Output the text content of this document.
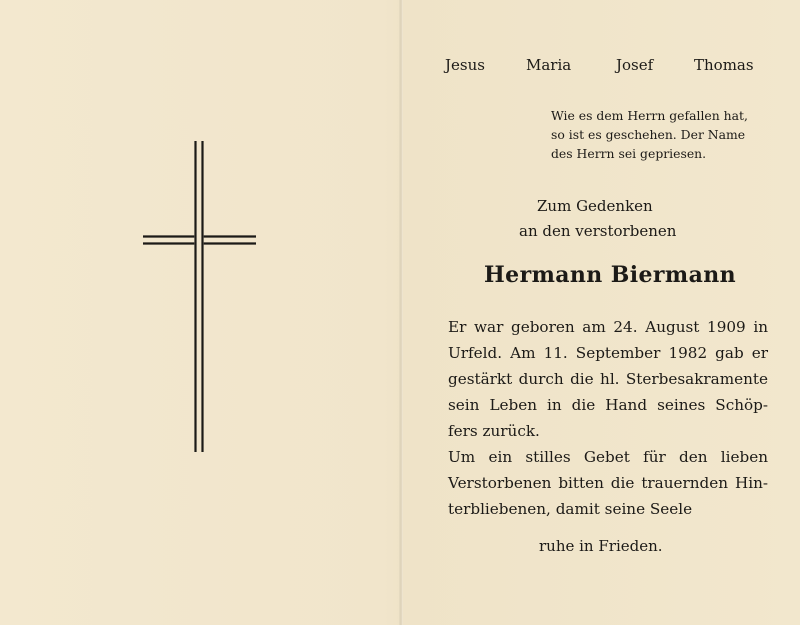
Jesus	Maria	Josef	Thomas
Wie es dem Herrn gefallen hat,
so ist es geschehen. Der Name
des Herrn sei gepriesen.
Zum Gedenken
an den verstorbenen
Hermann Biermann
Er war geboren am 24. August 1909 in
Urfeld. Am 11. September 1982 gab er
gestärkt durch die hl. Sterbesakramente
sein Leben in die Hand seines Schöp-
fers zurück.
Um ein stilles Gebet für den lieben
Verstorbenen bitten die trauernden Hin-
terbliebenen, damit seine Seele
ruhe in Frieden.
